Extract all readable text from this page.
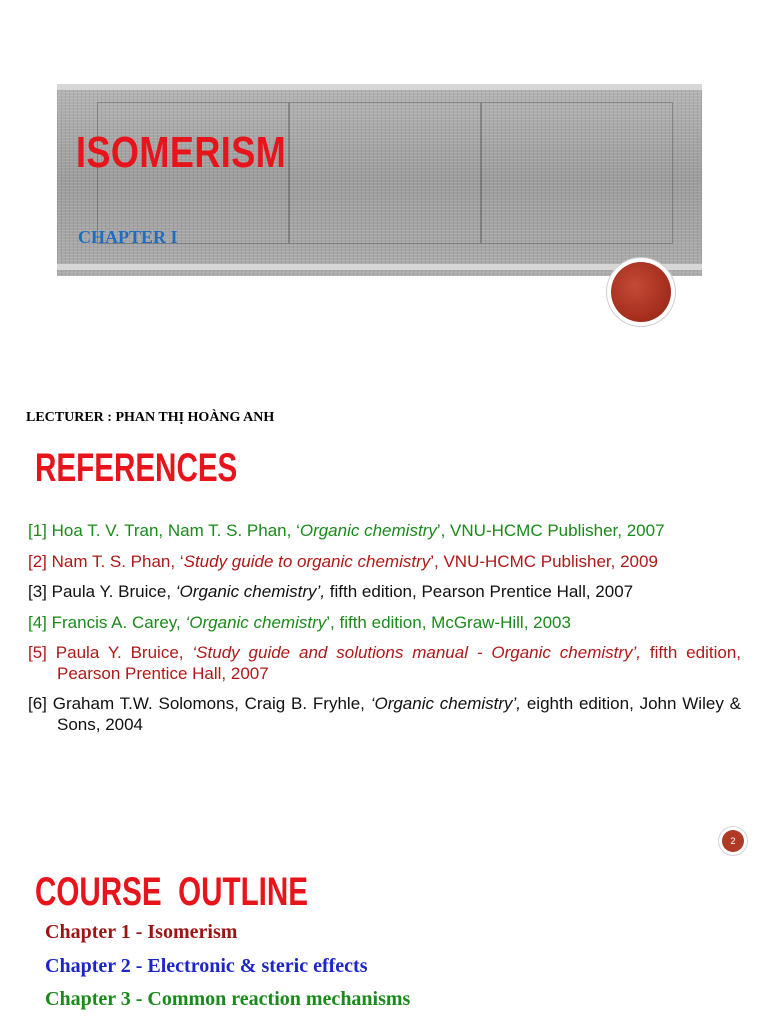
ISOMERISM
CHAPTER I
LECTURER : PHAN THỊ HOÀNG ANH
REFERENCES
[1] Hoa T. V. Tran, Nam T. S. Phan, ‘Organic chemistry’, VNU-HCMC Publisher, 2007
[2] Nam T. S. Phan, ‘Study guide to organic chemistry’, VNU-HCMC Publisher, 2009
[3] Paula Y. Bruice, ‘Organic chemistry’, fifth edition, Pearson Prentice Hall, 2007
[4] Francis A. Carey, ‘Organic chemistry’, fifth edition, McGraw-Hill, 2003
[5] Paula Y. Bruice, ‘Study guide and solutions manual - Organic chemistry’, fifth edition, Pearson Prentice Hall, 2007
[6] Graham T.W. Solomons, Craig B. Fryhle, ‘Organic chemistry’, eighth edition, John Wiley & Sons, 2004
2
COURSE  OUTLINE
Chapter 1 - Isomerism
Chapter 2 - Electronic & steric effects
Chapter 3 - Common reaction mechanisms
